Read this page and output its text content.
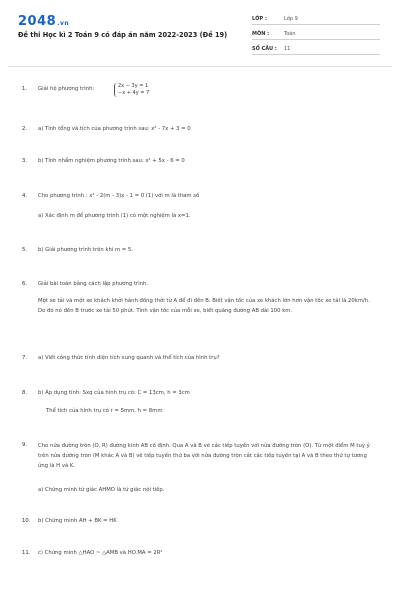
2048.vn
Đề thi Học kì 2 Toán 9 có đáp án năm 2022-2023 (Đề 19)
LỚP :	Lớp 9
MÔN :	Toán
SỐ CÂU : 11
1. Giải hệ phương trình:	2x − 3y = 1
−x + 4y = 7
2. a) Tính tổng và tích của phương trình sau: x² - 7x + 3 = 0
3. b) Tính nhẩm nghiệm phương trình sau: x² + 5x - 6 = 0
4. Cho phương trình : x² - 2(m - 3)x - 1 = 0 (1) với m là tham số
a) Xác định m để phương trình (1) có một nghiệm là x=1.
5. b) Giải phương trình trên khi m = 5.
6. Giải bài toán bằng cách lập phương trình.
Một xe tải và một xe khách khởi hành đồng thời từ A để đi đến B. Biết vận tốc của xe khách lớn hơn vận tốc xe tải là 20km/h. Do đó nó đến B trước xe tải 50 phút. Tính vận tốc của mỗi xe, biết quãng đường AB dài 100 km.
7. a) Viết công thức tính diện tích xung quanh và thể tích của hình trụ?
8. b) Áp dụng tính: Sxq của hình trụ có: C = 13cm, h = 3cm
Thể tích của hình trụ có r = 5mm, h = 8mm
9. Cho nửa đường tròn (O, R) đường kính AB cố định. Qua A và B vẽ các tiếp tuyến với nửa đường tròn (O). Từ một điểm M tuỳ ý trên nửa đường tròn (M khác A và B) vẽ tiếp tuyến thứ ba với nửa đường tròn cắt các tiếp tuyến tại A và B theo thứ tự tương ứng là H và K.
a) Chứng minh tứ giác AHMO là tứ giác nội tiếp.
10. b) Chứng minh AH + BK = HK
11. c) Chứng minh △HAO ~ △AMB và HO.MA = 2R²
